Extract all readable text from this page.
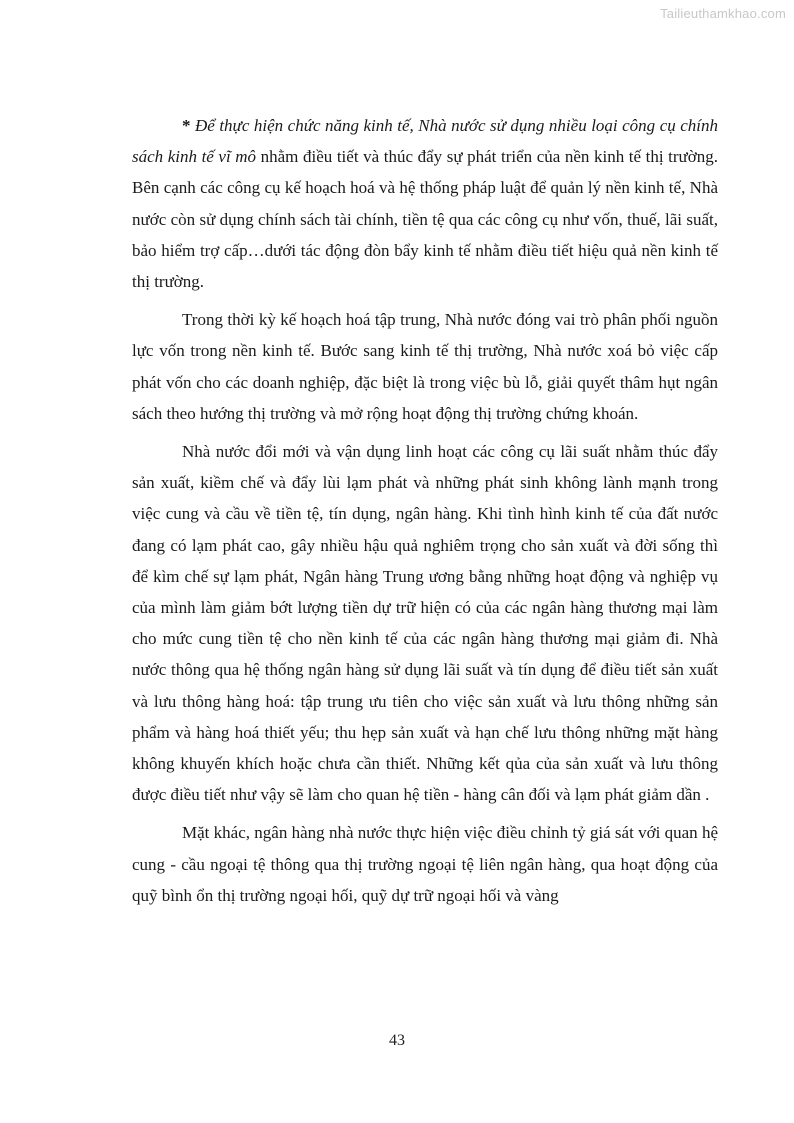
Tailieuthamkhao.com

* Để thực hiện chức năng kinh tế, Nhà nước sử dụng nhiều loại công cụ chính sách kinh tế vĩ mô nhằm điều tiết và thúc đẩy sự phát triển của nền kinh tế thị trường. Bên cạnh các công cụ kế hoạch hoá và hệ thống pháp luật để quản lý nền kinh tế, Nhà nước còn sử dụng chính sách tài chính, tiền tệ qua các công cụ như vốn, thuế, lãi suất, bảo hiểm trợ cấp…dưới tác động đòn bẩy kinh tế nhằm điều tiết hiệu quả nền kinh tế thị trường.

Trong thời kỳ kế hoạch hoá tập trung, Nhà nước đóng vai trò phân phối nguồn lực vốn trong nền kinh tế. Bước sang kinh tế thị trường, Nhà nước xoá bỏ việc cấp phát vốn cho các doanh nghiệp, đặc biệt là trong việc bù lỗ, giải quyết thâm hụt ngân sách theo hướng thị trường và mở rộng hoạt động thị trường chứng khoán.

Nhà nước đổi mới và vận dụng linh hoạt các công cụ lãi suất nhằm thúc đẩy sản xuất, kiềm chế và đẩy lùi lạm phát và những phát sinh không lành mạnh trong việc cung và cầu về tiền tệ, tín dụng, ngân hàng. Khi tình hình kinh tế của đất nước đang có lạm phát cao, gây nhiều hậu quả nghiêm trọng cho sản xuất và đời sống thì để kìm chế sự lạm phát, Ngân hàng Trung ương bằng những hoạt động và nghiệp vụ của mình làm giảm bớt lượng tiền dự trữ hiện có của các ngân hàng thương mại làm cho mức cung tiền tệ cho nền kinh tế của các ngân hàng thương mại giảm đi. Nhà nước thông qua hệ thống ngân hàng sử dụng lãi suất và tín dụng để điều tiết sản xuất và lưu thông hàng hoá: tập trung ưu tiên cho việc sản xuất và lưu thông những sản phẩm và hàng hoá thiết yếu; thu hẹp sản xuất và hạn chế lưu thông những mặt hàng không khuyến khích hoặc chưa cần thiết. Những kết qủa của sản xuất và lưu thông được điều tiết như vậy sẽ làm cho quan hệ tiền - hàng cân đối và lạm phát giảm dần .

Mặt khác, ngân hàng nhà nước thực hiện việc điều chỉnh tỷ giá sát với quan hệ cung - cầu ngoại tệ thông qua thị trường ngoại tệ liên ngân hàng, qua hoạt động của quỹ bình ổn thị trường ngoại hối, quỹ dự trữ ngoại hối và vàng

43
